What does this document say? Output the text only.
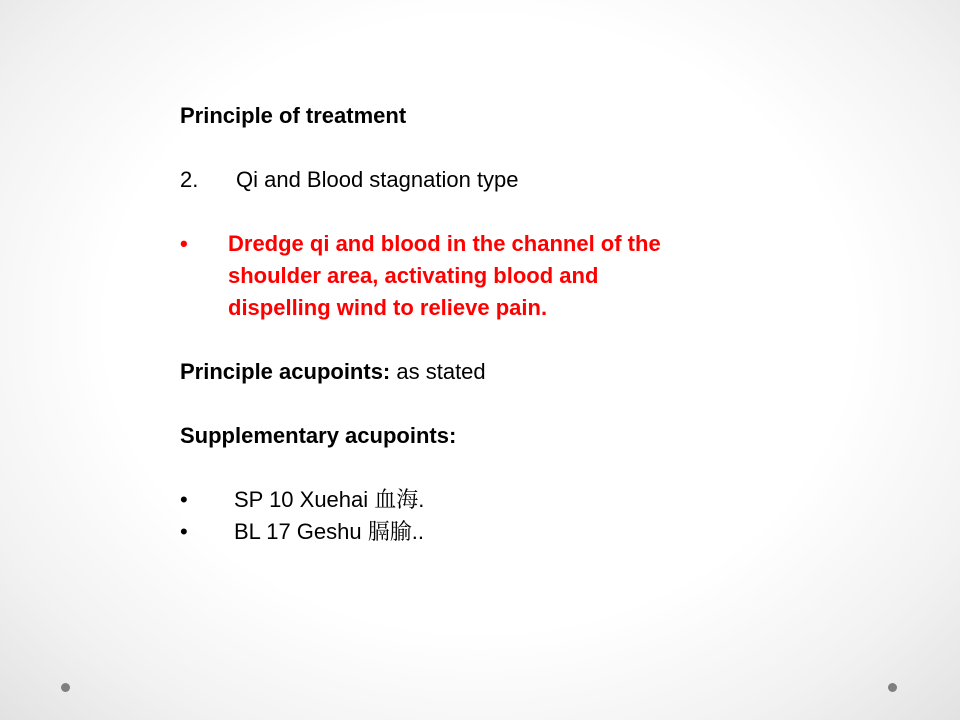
Principle of treatment
2. Qi and Blood stagnation type
•	Dredge qi and blood in the channel of the
shoulder area, activating blood and
dispelling wind to relieve pain.
Principle acupoints: as stated
Supplementary acupoints:
•	SP 10 Xuehai 血海.
•	BL 17 Geshu 膈腧..
